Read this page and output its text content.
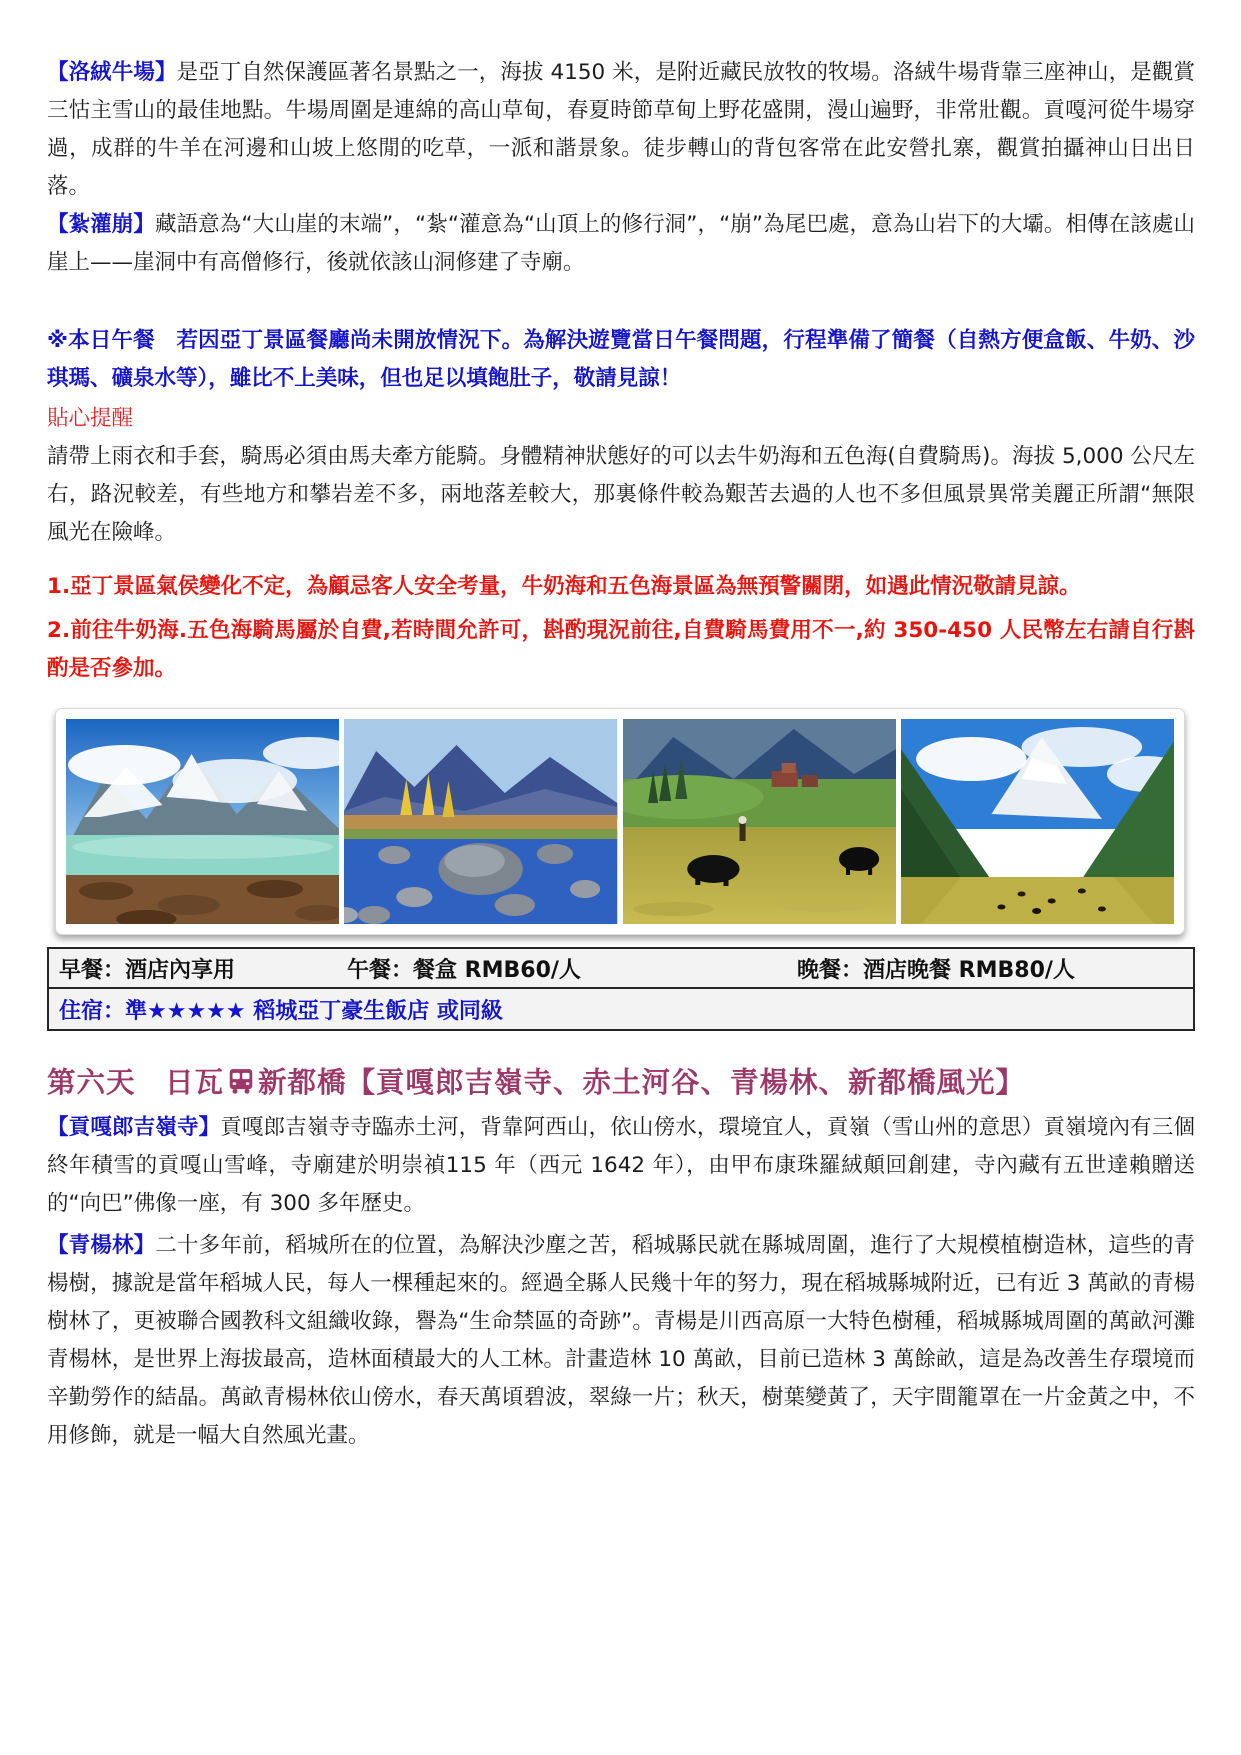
【洛絨牛場】是亞丁自然保護區著名景點之一，海拔 4150 米，是附近藏民放牧的牧場。洛絨牛場背靠三座神山，是觀賞三怙主雪山的最佳地點。牛場周圍是連綿的高山草甸，春夏時節草甸上野花盛開，漫山遍野，非常壯觀。貢嘎河從牛場穿過，成群的牛羊在河邊和山坡上悠閒的吃草，一派和諧景象。徒步轉山的背包客常在此安營扎寨，觀賞拍攝神山日出日落。

【紮灌崩】藏語意為“大山崖的末端”，“紮“灌意為“山頂上的修行洞”，“崩”為尾巴處，意為山岩下的大壩。相傳在該處山崖上——崖洞中有高僧修行，後就依該山洞修建了寺廟。

※本日午餐　若因亞丁景區餐廳尚未開放情況下。為解決遊覽當日午餐問題，行程準備了簡餐（自熱方便盒飯、牛奶、沙琪瑪、礦泉水等），雖比不上美味，但也足以填飽肚子，敬請見諒！

貼心提醒

請帶上雨衣和手套，騎馬必須由馬夫牽方能騎。身體精神狀態好的可以去牛奶海和五色海(自費騎馬)。海拔 5,000 公尺左右，路況較差，有些地方和攀岩差不多，兩地落差較大，那裏條件較為艱苦去過的人也不多但風景異常美麗正所謂“無限風光在險峰。

1.亞丁景區氣侯變化不定，為顧忌客人安全考量，牛奶海和五色海景區為無預警關閉，如遇此情況敬請見諒。

2.前往牛奶海.五色海騎馬屬於自費,若時間允許可，斟酌現況前往,自費騎馬費用不一,約 350-450 人民幣左右請自行斟酌是否參加。

早餐：酒店內享用	午餐：餐盒 RMB60/人	晚餐：酒店晚餐 RMB80/人
住宿：準★★★★★ 稻城亞丁豪生飯店 或同級
第六天　日瓦 新都橋【貢嘎郎吉嶺寺、赤土河谷、青楊林、新都橋風光】

【貢嘎郎吉嶺寺】貢嘎郎吉嶺寺寺臨赤土河，背靠阿西山，依山傍水，環境宜人，貢嶺（雪山州的意思）貢嶺境內有三個終年積雪的貢嘎山雪峰，寺廟建於明崇禎115 年（西元 1642 年），由甲布康珠羅絨顛回創建，寺內藏有五世達賴贈送的“向巴”佛像一座，有 300 多年歷史。

【青楊林】二十多年前，稻城所在的位置，為解決沙塵之苦，稻城縣民就在縣城周圍，進行了大規模植樹造林，這些的青楊樹，據說是當年稻城人民，每人一棵種起來的。經過全縣人民幾十年的努力，現在稻城縣城附近，已有近 3 萬畝的青楊樹林了，更被聯合國教科文組織收錄，譽為“生命禁區的奇跡”。青楊是川西高原一大特色樹種，稻城縣城周圍的萬畝河灘青楊林，是世界上海拔最高，造林面積最大的人工林。計畫造林 10 萬畝，目前已造林 3 萬餘畝，這是為改善生存環境而辛勤勞作的結晶。萬畝青楊林依山傍水，春天萬頃碧波，翠綠一片；秋天，樹葉變黃了，天宇間籠罩在一片金黃之中，不用修飾，就是一幅大自然風光畫。
